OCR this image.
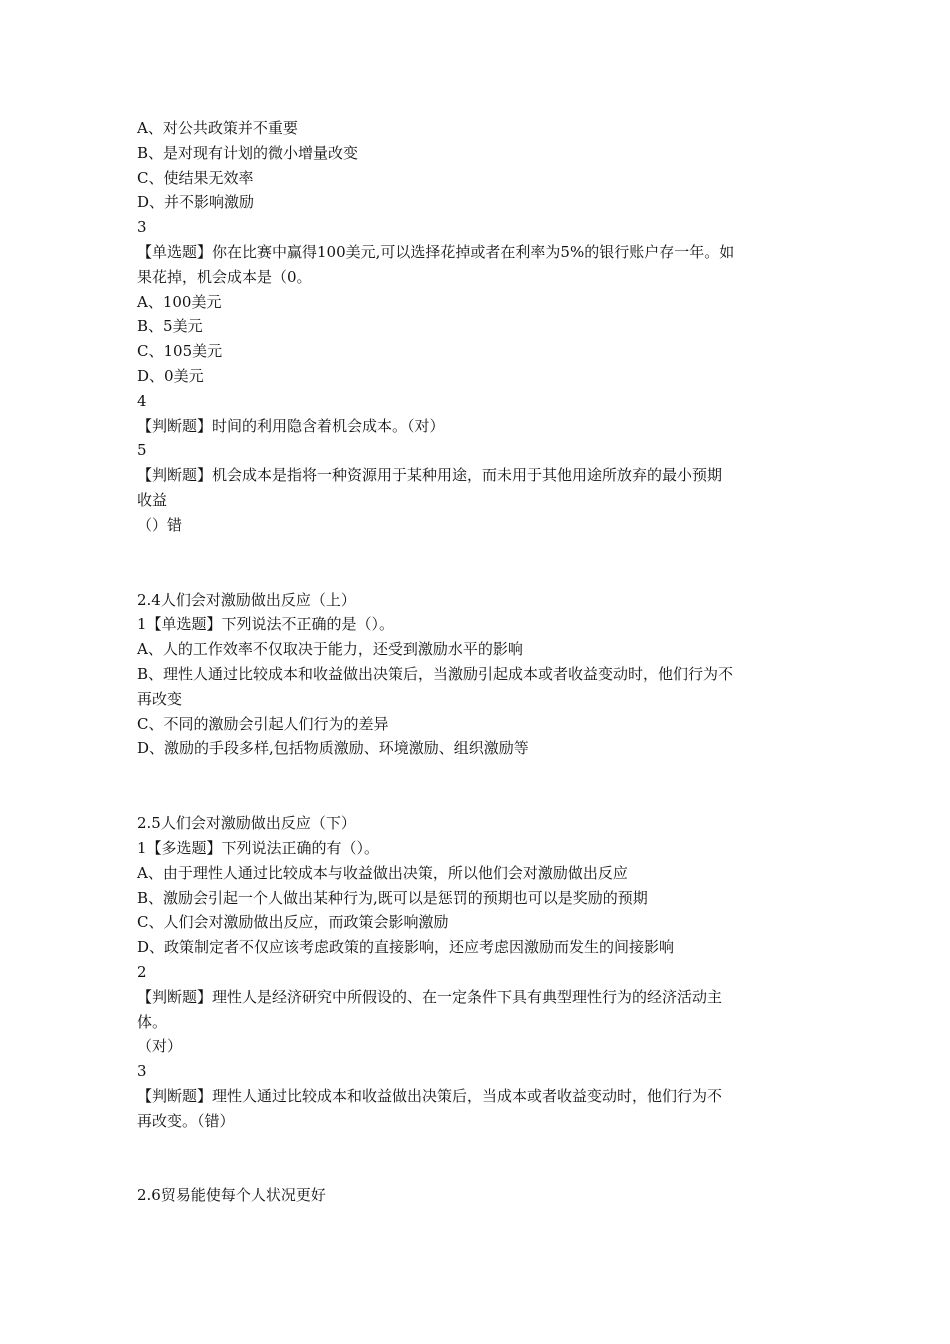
A、对公共政策并不重要

B、是对现有计划的微小增量改变

C、使结果无效率

D、并不影响激励

3

【单选题】你在比赛中赢得100美元,可以选择花掉或者在利率为5%的银行账户存一年。如

果花掉，机会成本是（0。

A、100美元

B、5美元

C、105美元

D、0美元

4

【判断题】时间的利用隐含着机会成本。（对）

5

【判断题】机会成本是指将一种资源用于某种用途，而未用于其他用途所放弃的最小预期

收益

（）错

2.4人们会对激励做出反应（上）

1【单选题】下列说法不正确的是（）。

A、人的工作效率不仅取决于能力，还受到激励水平的影响

B、理性人通过比较成本和收益做出决策后，当激励引起成本或者收益变动时，他们行为不

再改变

C、不同的激励会引起人们行为的差异

D、激励的手段多样,包括物质激励、环境激励、组织激励等

2.5人们会对激励做出反应（下）

1【多选题】下列说法正确的有（）。

A、由于理性人通过比较成本与收益做出决策，所以他们会对激励做出反应

B、激励会引起一个人做出某种行为,既可以是惩罚的预期也可以是奖励的预期

C、人们会对激励做出反应，而政策会影响激励

D、政策制定者不仅应该考虑政策的直接影响，还应考虑因激励而发生的间接影响

2

【判断题】理性人是经济研究中所假设的、在一定条件下具有典型理性行为的经济活动主

体。

（对）

3

【判断题】理性人通过比较成本和收益做出决策后，当成本或者收益变动时，他们行为不

再改变。（错）

2.6贸易能使每个人状况更好
